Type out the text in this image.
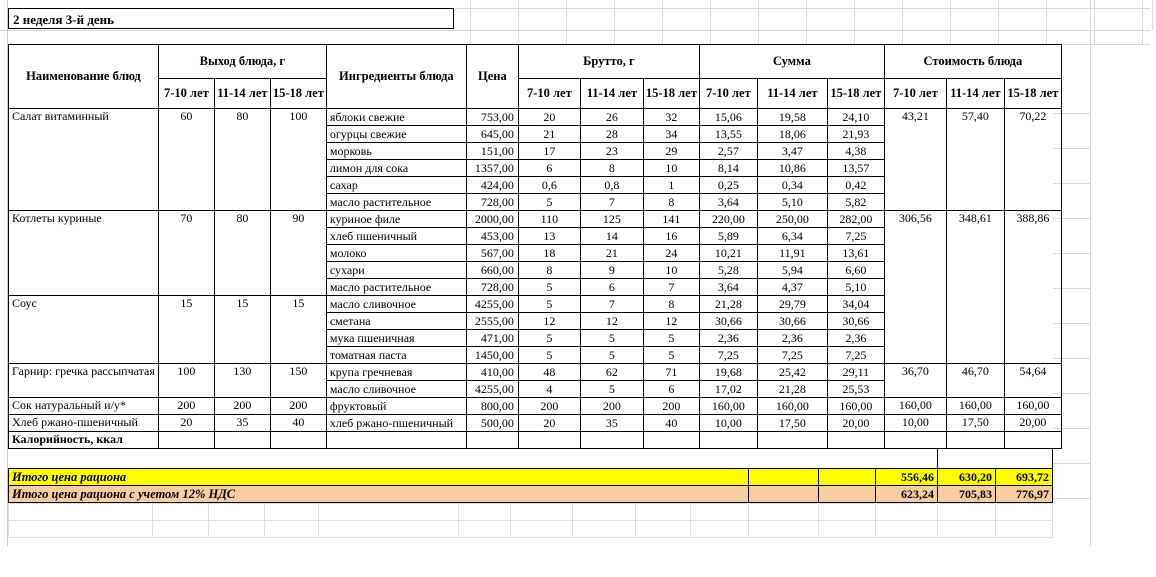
2 неделя 3-й день
Наименование блюд	Выход блюда, г			Ингредиенты блюда	Цена	Брутто, г			Сумма			Стоимость блюда		
	7-10 лет	11-14 лет	15-18 лет			7-10 лет	11-14 лет	15-18 лет	7-10 лет	11-14 лет	15-18 лет	7-10 лет	11-14 лет	15-18 лет
Салат витаминный	60	80	100	яблоки свежие	753,00	20	26	32	15,06	19,58	24,10	43,21	57,40	70,22
				огурцы свежие	645,00	21	28	34	13,55	18,06	21,93			
				морковь	151,00	17	23	29	2,57	3,47	4,38			
				лимон для сока	1357,00	6	8	10	8,14	10,86	13,57			
				сахар	424,00	0,6	0,8	1	0,25	0,34	0,42			
				масло растительное	728,00	5	7	8	3,64	5,10	5,82			
Котлеты куриные	70	80	90	куриное филе	2000,00	110	125	141	220,00	250,00	282,00	306,56	348,61	388,86
				хлеб пшеничный	453,00	13	14	16	5,89	6,34	7,25			
				молоко	567,00	18	21	24	10,21	11,91	13,61			
				сухари	660,00	8	9	10	5,28	5,94	6,60			
				масло растительное	728,00	5	6	7	3,64	4,37	5,10			
Соус	15	15	15	масло сливочное	4255,00	5	7	8	21,28	29,79	34,04			
				сметана	2555,00	12	12	12	30,66	30,66	30,66			
				мука пшеничная	471,00	5	5	5	2,36	2,36	2,36			
				томатная паста	1450,00	5	5	5	7,25	7,25	7,25			
Гарнир: гречка рассыпчатая	100	130	150	крупа гречневая	410,00	48	62	71	19,68	25,42	29,11	36,70	46,70	54,64
				масло сливочное	4255,00	4	5	6	17,02	21,28	25,53			
Сок натуральный и/у*	200	200	200	фруктовый	800,00	200	200	200	160,00	160,00	160,00	160,00	160,00	160,00
Хлеб ржано-пшеничный	20	35	40	хлеб ржано-пшеничный	500,00	20	35	40	10,00	17,50	20,00	10,00	17,50	20,00
Калорийность, ккал														
Итого цена рациона			556,46	630,20	693,72
Итого цена рациона с учетом 12% НДС			623,24	705,83	776,97
